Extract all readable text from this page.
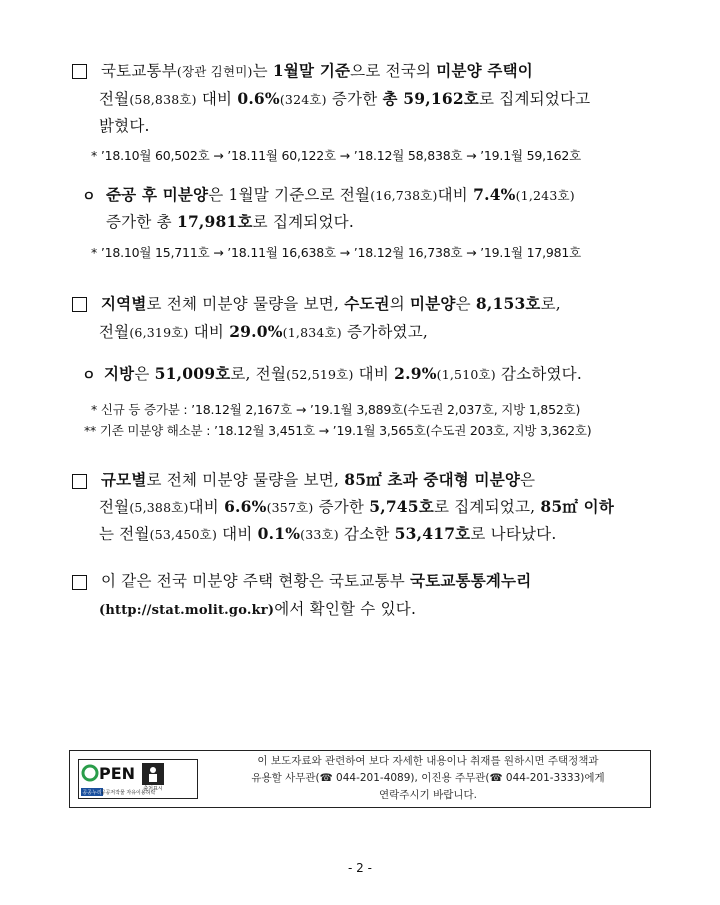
국토교통부(장관 김현미)는 1월말 기준으로 전국의 미분양 주택이
전월(58,838호) 대비 0.6%(324호) 증가한 총 59,162호로 집계되었다고
밝혔다.
* ’18.10월 60,502호 → ’18.11월 60,122호 → ’18.12월 58,838호 → ’19.1월 59,162호
ㅇ 준공 후 미분양은 1월말 기준으로 전월(16,738호)대비 7.4%(1,243호)
증가한 총 17,981호로 집계되었다.
* ’18.10월 15,711호 → ’18.11월 16,638호 → ’18.12월 16,738호 → ’19.1월 17,981호
지역별로 전체 미분양 물량을 보면, 수도권의 미분양은 8,153호로,
전월(6,319호) 대비 29.0%(1,834호) 증가하였고,
ㅇ 지방은 51,009호로, 전월(52,519호) 대비 2.9%(1,510호) 감소하였다.
* 신규 등 증가분 : ’18.12월 2,167호 → ’19.1월 3,889호(수도권 2,037호, 지방 1,852호)
** 기존 미분양 해소분 : ’18.12월 3,451호 → ’19.1월 3,565호(수도권 203호, 지방 3,362호)
규모별로 전체 미분양 물량을 보면, 85㎡ 초과 중대형 미분양은
전월(5,388호)대비 6.6%(357호) 증가한 5,745호로 집계되었고, 85㎡ 이하
는 전월(53,450호) 대비 0.1%(33호) 감소한 53,417호로 나타났다.
이 같은 전국 미분양 주택 현황은 국토교통부 국토교통통계누리
(http://stat.molit.go.kr)에서 확인할 수 있다.
PEN
출처표시
공공누리
공공저작물 자유이용허락
이 보도자료와 관련하여 보다 자세한 내용이나 취재를 원하시면 주택정책과
유용할 사무관(☎ 044-201-4089), 이진용 주무관(☎ 044-201-3333)에게
연락주시기 바랍니다.
- 2 -
